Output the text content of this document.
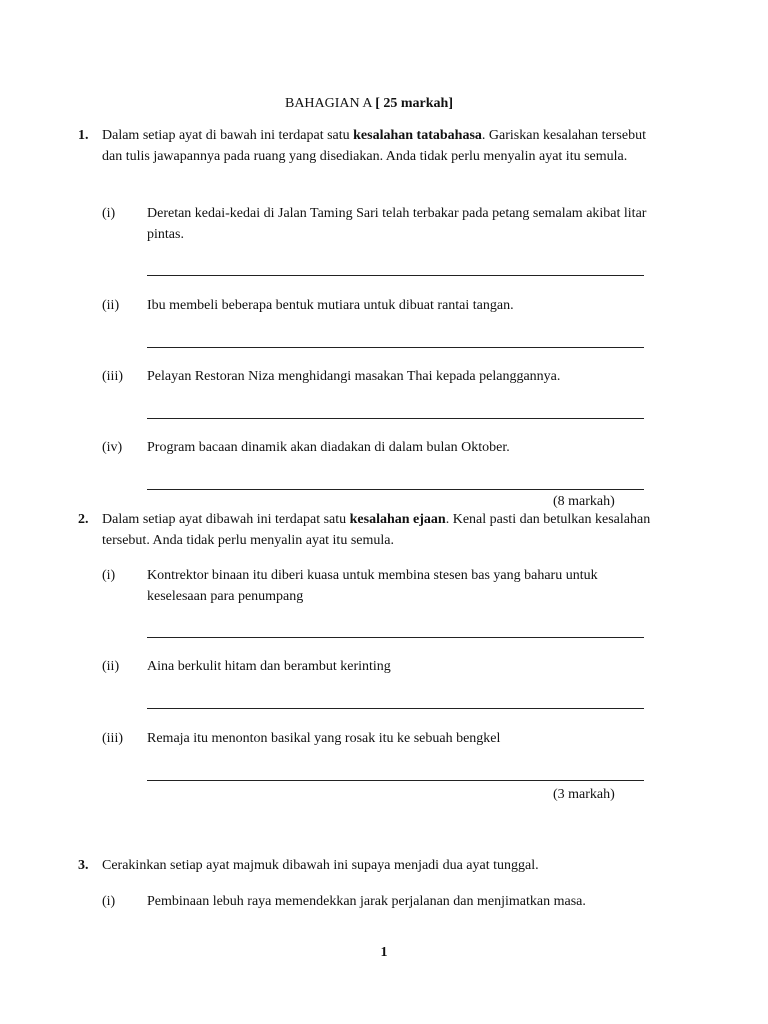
BAHAGIAN A [ 25 markah]
1. Dalam setiap ayat di bawah ini terdapat satu kesalahan tatabahasa. Gariskan kesalahan tersebut dan tulis jawapannya pada ruang yang disediakan. Anda tidak perlu menyalin ayat itu semula.
(i) Deretan kedai-kedai di Jalan Taming Sari telah terbakar pada petang semalam akibat litar pintas.
(ii) Ibu membeli beberapa bentuk mutiara untuk dibuat rantai tangan.
(iii) Pelayan Restoran Niza menghidangi masakan Thai kepada pelanggannya.
(iv) Program bacaan dinamik akan diadakan di dalam bulan Oktober.
(8 markah)
2. Dalam setiap ayat dibawah ini terdapat satu kesalahan ejaan. Kenal pasti dan betulkan kesalahan tersebut. Anda tidak perlu menyalin ayat itu semula.
(i) Kontrektor binaan itu diberi kuasa untuk membina stesen bas yang baharu untuk keselesaan para penumpang
(ii) Aina berkulit hitam dan berambut kerinting
(iii) Remaja itu menonton basikal yang rosak itu ke sebuah bengkel
(3 markah)
3. Cerakinkan setiap ayat majmuk dibawah ini supaya menjadi dua ayat tunggal.
(i) Pembinaan lebuh raya memendekkan jarak perjalanan dan menjimatkan masa.
1
